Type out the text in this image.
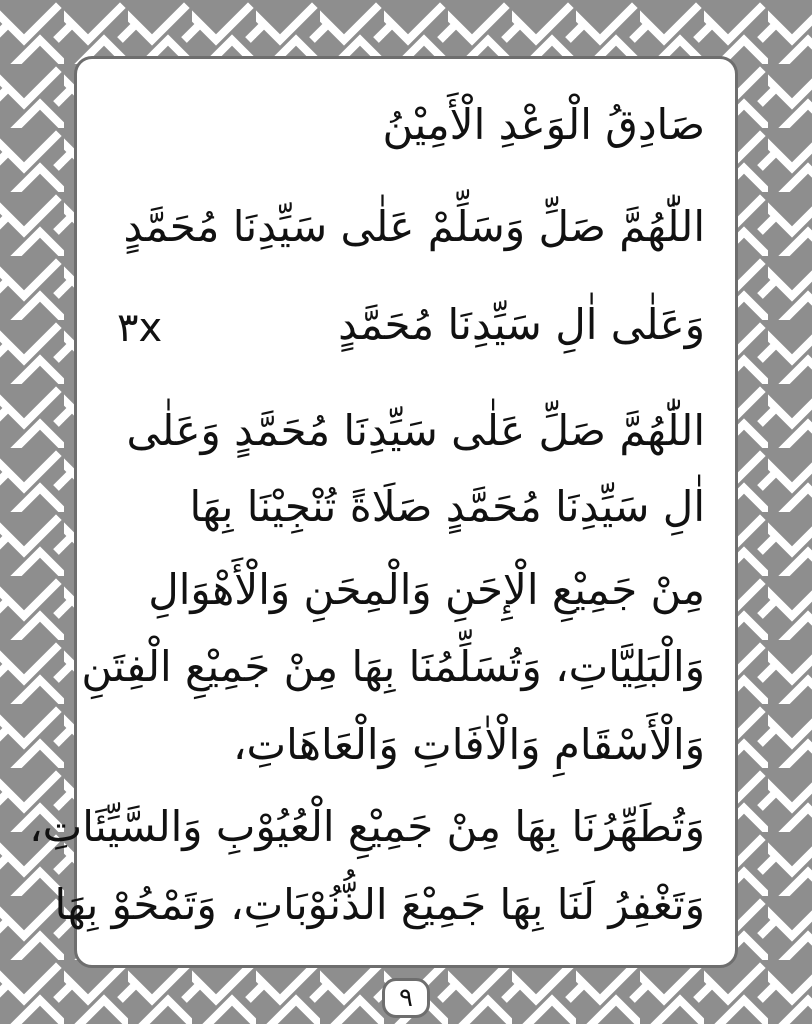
صَادِقُ الْوَعْدِ الْأَمِيْنُ
اللّٰهُمَّ صَلِّ وَسَلِّمْ عَلٰى سَيِّدِنَا مُحَمَّدٍ
وَعَلٰى اٰلِ سَيِّدِنَا مُحَمَّدٍ
٣x
اللّٰهُمَّ صَلِّ عَلٰى سَيِّدِنَا مُحَمَّدٍ وَعَلٰى
اٰلِ سَيِّدِنَا مُحَمَّدٍ صَلَاةً تُنْجِيْنَا بِهَا
مِنْ جَمِيْعِ الْإِحَنِ وَالْمِحَنِ وَالْأَهْوَالِ
وَالْبَلِيَّاتِ، وَتُسَلِّمُنَا بِهَا مِنْ جَمِيْعِ الْفِتَنِ
وَالْأَسْقَامِ وَالْاٰفَاتِ وَالْعَاهَاتِ،
وَتُطَهِّرُنَا بِهَا مِنْ جَمِيْعِ الْعُيُوْبِ وَالسَّيِّئَاتِ،
وَتَغْفِرُ لَنَا بِهَا جَمِيْعَ الذُّنُوْبَاتِ، وَتَمْحُوْ بِهَا
٩
